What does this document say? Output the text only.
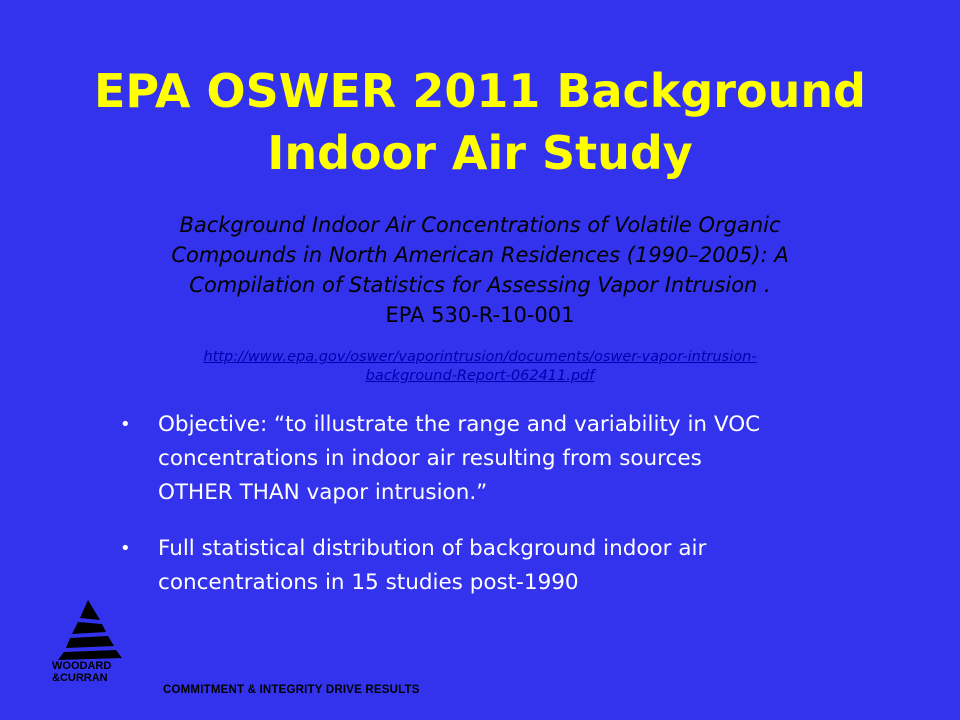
EPA OSWER 2011 Background
Indoor Air Study

Background Indoor Air Concentrations of Volatile Organic
Compounds in North American Residences (1990–2005): A
Compilation of Statistics for Assessing Vapor Intrusion .
EPA 530-R-10-001

http://www.epa.gov/oswer/vaporintrusion/documents/oswer-vapor-intrusion-
background-Report-062411.pdf
• Objective: “to illustrate the range and variability in VOC
concentrations in indoor air resulting from sources
OTHER THAN vapor intrusion.”
• Full statistical distribution of background indoor air
concentrations in 15 studies post-1990
WOODARD
&CURRAN
COMMITMENT & INTEGRITY DRIVE RESULTS
